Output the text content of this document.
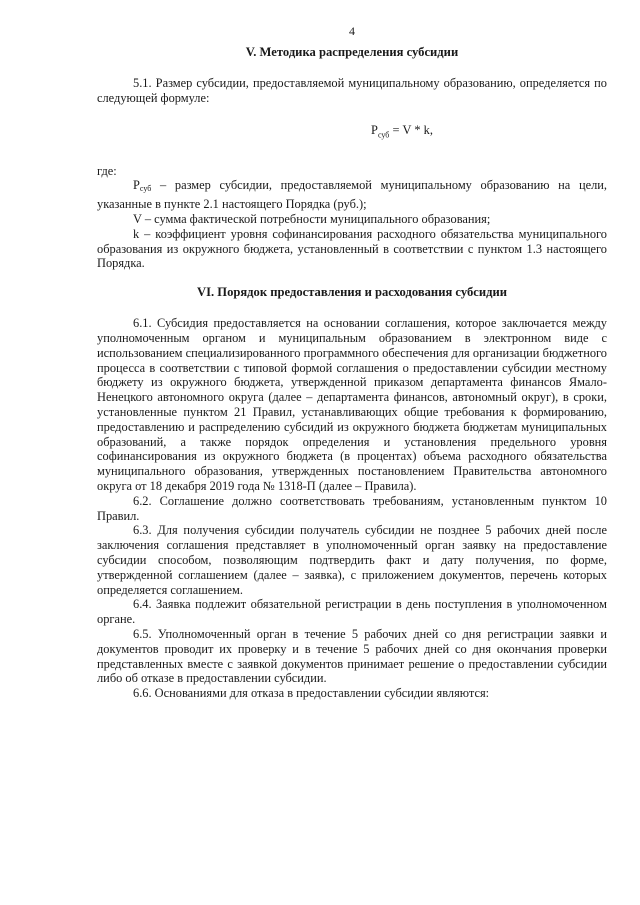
4
V. Методика распределения субсидии

5.1. Размер субсидии, предоставляемой муниципальному образованию, определяется по следующей формуле:

$P_{суб} = V * k$,

где:

Pсуб – размер субсидии, предоставляемой муниципальному образованию на цели, указанные в пункте 2.1 настоящего Порядка (руб.);

V – сумма фактической потребности муниципального образования;

k – коэффициент уровня софинансирования расходного обязательства муниципального образования из окружного бюджета, установленный в соответствии с пунктом 1.3 настоящего Порядка.

VI. Порядок предоставления и расходования субсидии

6.1. Субсидия предоставляется на основании соглашения, которое заключается между уполномоченным органом и муниципальным образованием в электронном виде с использованием специализированного программного обеспечения для организации бюджетного процесса в соответствии с типовой формой соглашения о предоставлении субсидии местному бюджету из окружного бюджета, утвержденной приказом департамента финансов Ямало-Ненецкого автономного округа (далее – департамента финансов, автономный округ), в сроки, установленные пунктом 21 Правил, устанавливающих общие требования к формированию, предоставлению и распределению субсидий из окружного бюджета бюджетам муниципальных образований, а также порядок определения и установления предельного уровня софинансирования из окружного бюджета (в процентах) объема расходного обязательства муниципального образования, утвержденных постановлением Правительства автономного округа от 18 декабря 2019 года № 1318-П (далее – Правила).

6.2. Соглашение должно соответствовать требованиям, установленным пунктом 10 Правил.

6.3. Для получения субсидии получатель субсидии не позднее 5 рабочих дней после заключения соглашения представляет в уполномоченный орган заявку на предоставление субсидии способом, позволяющим подтвердить факт и дату получения, по форме, утвержденной соглашением (далее – заявка), с приложением документов, перечень которых определяется соглашением.

6.4. Заявка подлежит обязательной регистрации в день поступления в уполномоченном органе.

6.5. Уполномоченный орган в течение 5 рабочих дней со дня регистрации заявки и документов проводит их проверку и в течение 5 рабочих дней со дня окончания проверки представленных вместе с заявкой документов принимает решение о предоставлении субсидии либо об отказе в предоставлении субсидии.

6.6. Основаниями для отказа в предоставлении субсидии являются:
